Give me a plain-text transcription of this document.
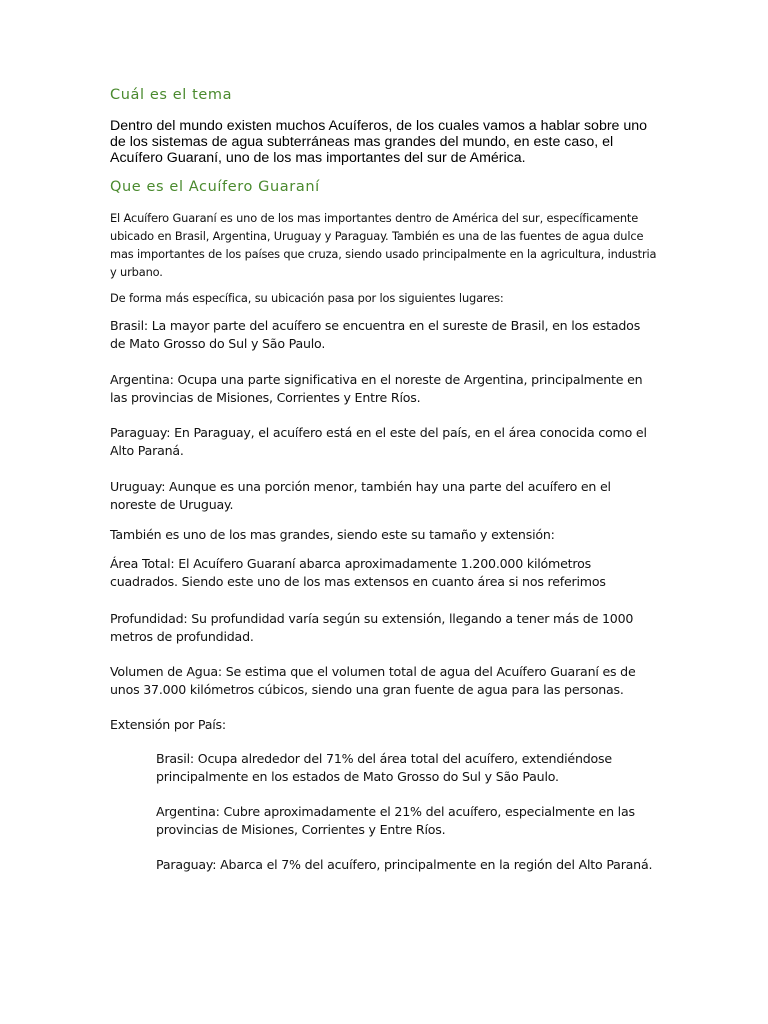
Cuál es el tema

Dentro del mundo existen muchos Acuíferos, de los cuales vamos a hablar sobre uno de los sistemas de agua subterráneas mas grandes del mundo, en este caso, el Acuífero Guaraní, uno de los mas importantes del sur de América.

Que es el Acuífero Guaraní

El Acuífero Guaraní es uno de los mas importantes dentro de América del sur, específicamente ubicado en Brasil, Argentina, Uruguay y Paraguay. También es una de las fuentes de agua dulce mas importantes de los países que cruza, siendo usado principalmente en la agricultura, industria y urbano.

De forma más específica, su ubicación pasa por los siguientes lugares:

Brasil: La mayor parte del acuífero se encuentra en el sureste de Brasil, en los estados de Mato Grosso do Sul y São Paulo.

Argentina: Ocupa una parte significativa en el noreste de Argentina, principalmente en las provincias de Misiones, Corrientes y Entre Ríos.

Paraguay: En Paraguay, el acuífero está en el este del país, en el área conocida como el Alto Paraná.

Uruguay: Aunque es una porción menor, también hay una parte del acuífero en el noreste de Uruguay.

También es uno de los mas grandes, siendo este su tamaño y extensión:

Área Total: El Acuífero Guaraní abarca aproximadamente 1.200.000 kilómetros cuadrados. Siendo este uno de los mas extensos en cuanto área si nos referimos

Profundidad: Su profundidad varía según su extensión, llegando a tener más de 1000 metros de profundidad.

Volumen de Agua: Se estima que el volumen total de agua del Acuífero Guaraní es de unos 37.000 kilómetros cúbicos, siendo una gran fuente de agua para las personas.

Extensión por País:

Brasil: Ocupa alrededor del 71% del área total del acuífero, extendiéndose principalmente en los estados de Mato Grosso do Sul y São Paulo.

Argentina: Cubre aproximadamente el 21% del acuífero, especialmente en las provincias de Misiones, Corrientes y Entre Ríos.

Paraguay: Abarca el 7% del acuífero, principalmente en la región del Alto Paraná.
